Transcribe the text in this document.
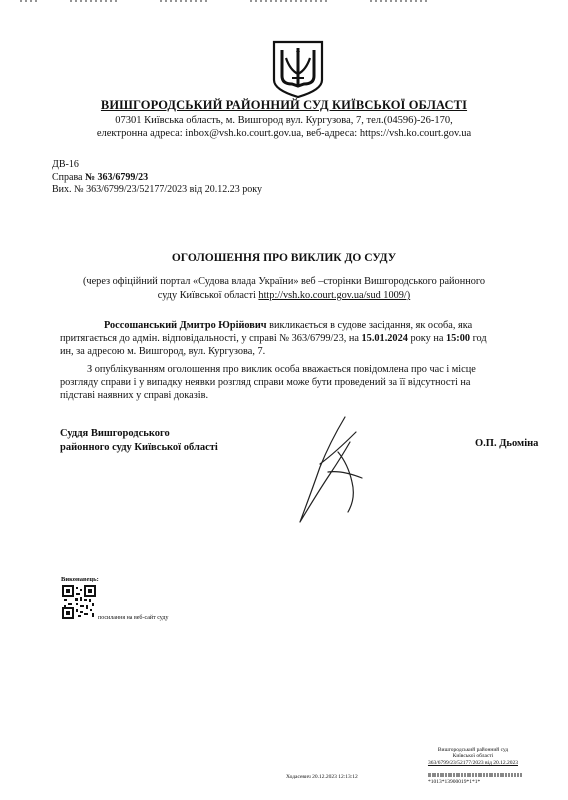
ВИШГОРОДСЬКИЙ РАЙОННИЙ СУД КИЇВСЬКОЇ ОБЛАСТІ
07301 Київська область, м. Вишгород вул. Кургузова, 7, тел.(04596)-26-170,
електронна адреса: inbox@vsh.ko.court.gov.ua, веб-адреса: https://vsh.ko.court.gov.ua
ДВ-16
Справа № 363/6799/23
Вих. № 363/6799/23/52177/2023 від 20.12.23 року
ОГОЛОШЕННЯ ПРО ВИКЛИК ДО СУДУ
(через офіційний портал «Судова влада України» веб –сторінки Вишгородського районного
суду Київської області http://vsh.ko.court.gov.ua/sud 1009/)
Россошанський Дмитро Юрійович викликається в судове засідання, як особа, яка
притягається до адмін. відповідальності, у справі № 363/6799/23, на 15.01.2024 року на 15:00 год
ин, за адресою м. Вишгород, вул. Кургузова, 7.
З опублікуванням оголошення про виклик особа вважається повідомлена про час і місце
розгляду справи і у випадку неявки розгляд справи може бути проведений за її відсутності на
підставі наявних у справі доказів.
Суддя Вишгородського
районного суду Київської області	О.П. Дьоміна
Виконавець:
посилання на веб-сайт суду
Вишгородський районний суд
Київської області
363/6799/23/52177/2023 від 20.12.2023
Ходасевич 20.12.2023 12:13:12
*1013*13900019*1*1*
